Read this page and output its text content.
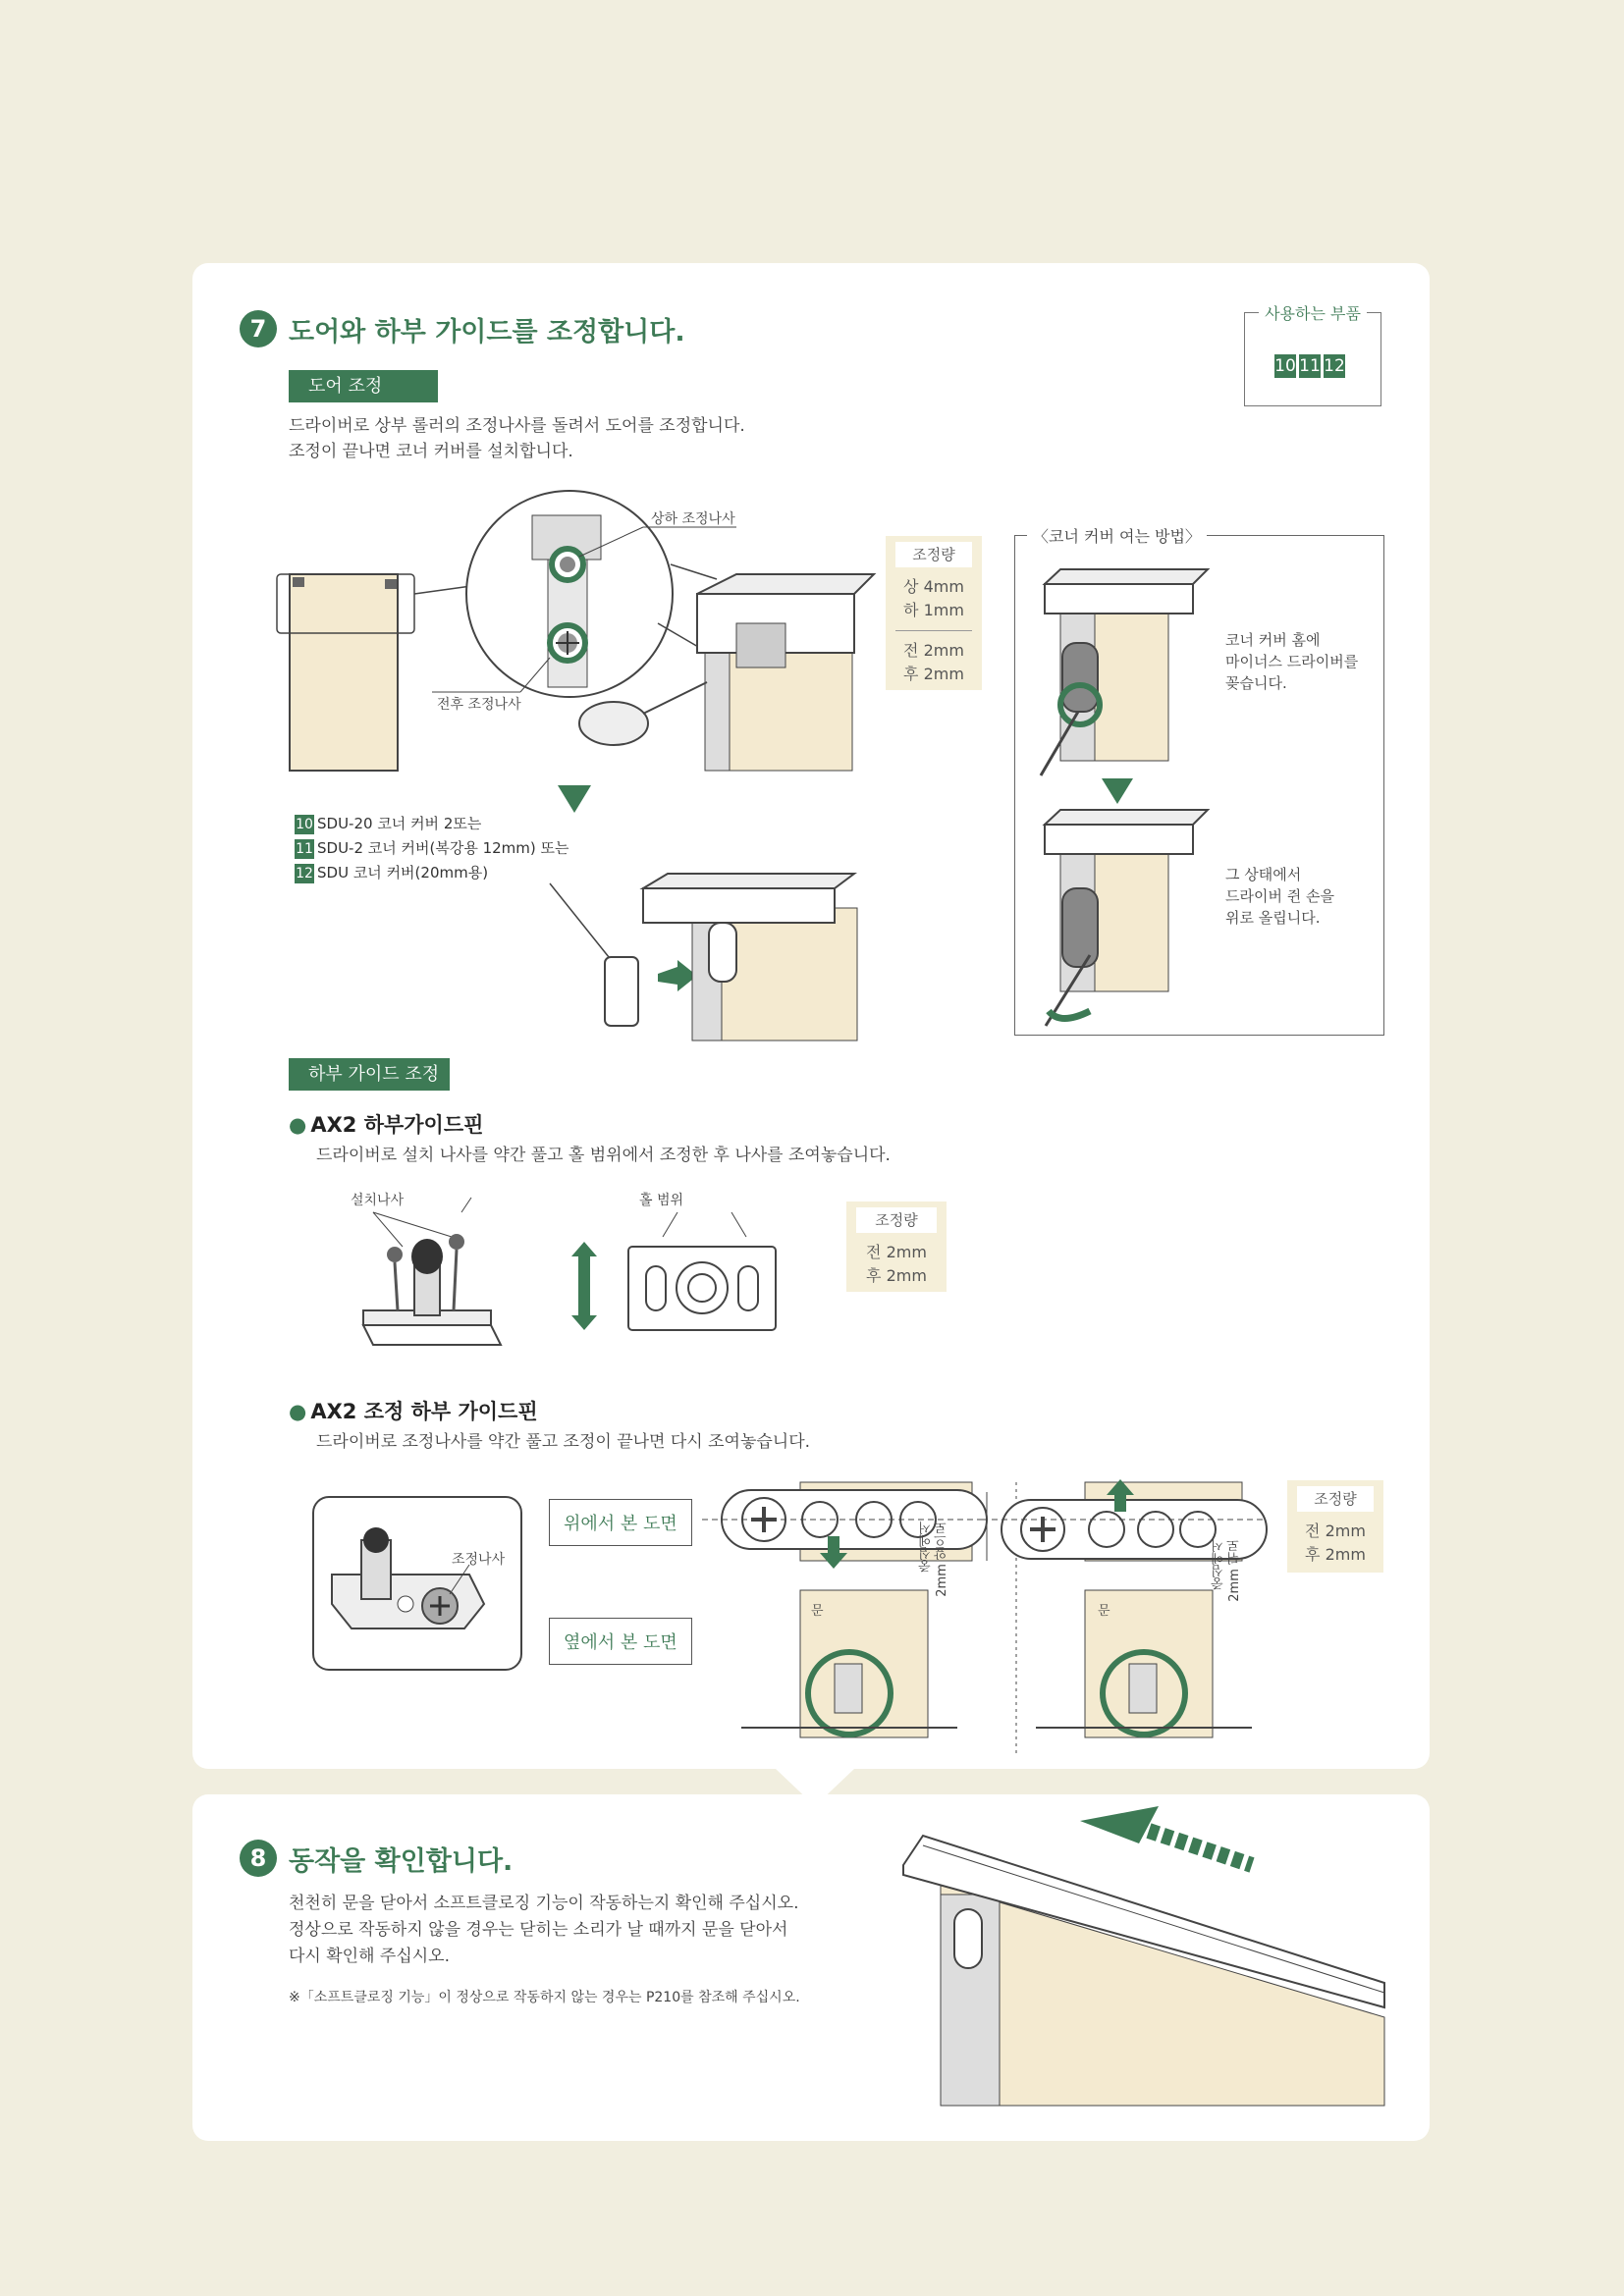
7 도어와 하부 가이드를 조정합니다.
사용하는 부품
10 11 12
도어 조정
드라이버로 상부 롤러의 조정나사를 돌려서 도어를 조정합니다.
조정이 끝나면 코너 커버를 설치합니다.
상하 조정나사
전후 조정나사
조정량
상 4mm
하 1mm
전 2mm
후 2mm
10 SDU-20 코너 커버 2또는
11 SDU-2 코너 커버(복강용 12mm) 또는
12 SDU 코너 커버(20mm용)
〈코너 커버 여는 방법〉
코너 커버 홈에
마이너스 드라이버를
꽂습니다.
그 상태에서
드라이버 쥔 손을
위로 올립니다.
하부 가이드 조정
● AX2 하부가이드핀
드라이버로 설치 나사를 약간 풀고 홀 범위에서 조정한 후 나사를 조여놓습니다.
설치나사	홀 범위
조정량
전 2mm
후 2mm
● AX2 조정 하부 가이드핀
드라이버로 조정나사를 약간 풀고 조정이 끝나면 다시 조여놓습니다.
조정나사
위에서 본 도면
옆에서 본 도면
중심에서 2mm 앞으로	중심에서 2mm 뒤로
문	문
조정량
전 2mm
후 2mm
8 동작을 확인합니다.
천천히 문을 닫아서 소프트클로징 기능이 작동하는지 확인해 주십시오.
정상으로 작동하지 않을 경우는 닫히는 소리가 날 때까지 문을 닫아서
다시 확인해 주십시오.
※「소프트클로징 기능」이 정상으로 작동하지 않는 경우는 P210를 참조해 주십시오.
